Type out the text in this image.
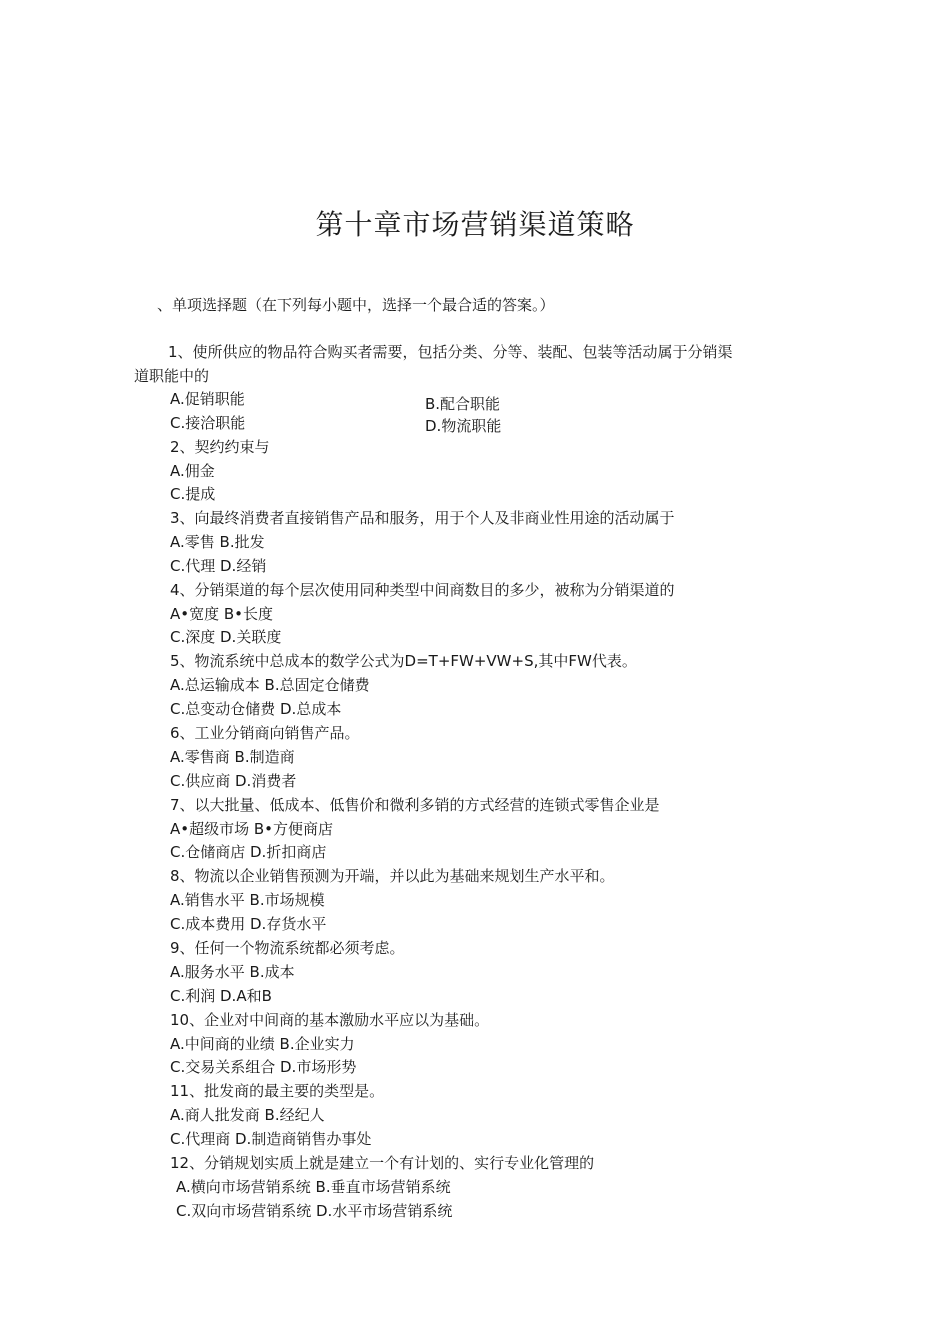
第十章市场营销渠道策略
、单项选择题（在下列每小题中，选择一个最合适的答案。）
1、使所供应的物品符合购买者需要，包括分类、分等、装配、包装等活动属于分销渠
道职能中的
A.促销职能	B.配合职能
C.接洽职能	D.物流职能
2、契约约束与
A.佣金
C.提成
3、向最终消费者直接销售产品和服务，用于个人及非商业性用途的活动属于
A.零售 B.批发
C.代理 D.经销
4、分销渠道的每个层次使用同种类型中间商数目的多少，被称为分销渠道的
A•宽度 B•长度
C.深度 D.关联度
5、物流系统中总成本的数学公式为D=T+FW+VW+S,其中FW代表。
A.总运输成本 B.总固定仓储费
C.总变动仓储费 D.总成本
6、工业分销商向销售产品。
A.零售商 B.制造商
C.供应商 D.消费者
7、以大批量、低成本、低售价和微利多销的方式经营的连锁式零售企业是
A•超级市场 B•方便商店
C.仓储商店 D.折扣商店
8、物流以企业销售预测为开端，并以此为基础来规划生产水平和。
A.销售水平 B.市场规模
C.成本费用 D.存货水平
9、任何一个物流系统都必须考虑。
A.服务水平 B.成本
C.利润 D.A和B
10、企业对中间商的基本激励水平应以为基础。
A.中间商的业绩 B.企业实力
C.交易关系组合 D.市场形势
11、批发商的最主要的类型是。
A.商人批发商 B.经纪人
C.代理商 D.制造商销售办事处
12、分销规划实质上就是建立一个有计划的、实行专业化管理的
A.横向市场营销系统 B.垂直市场营销系统
C.双向市场营销系统 D.水平市场营销系统
